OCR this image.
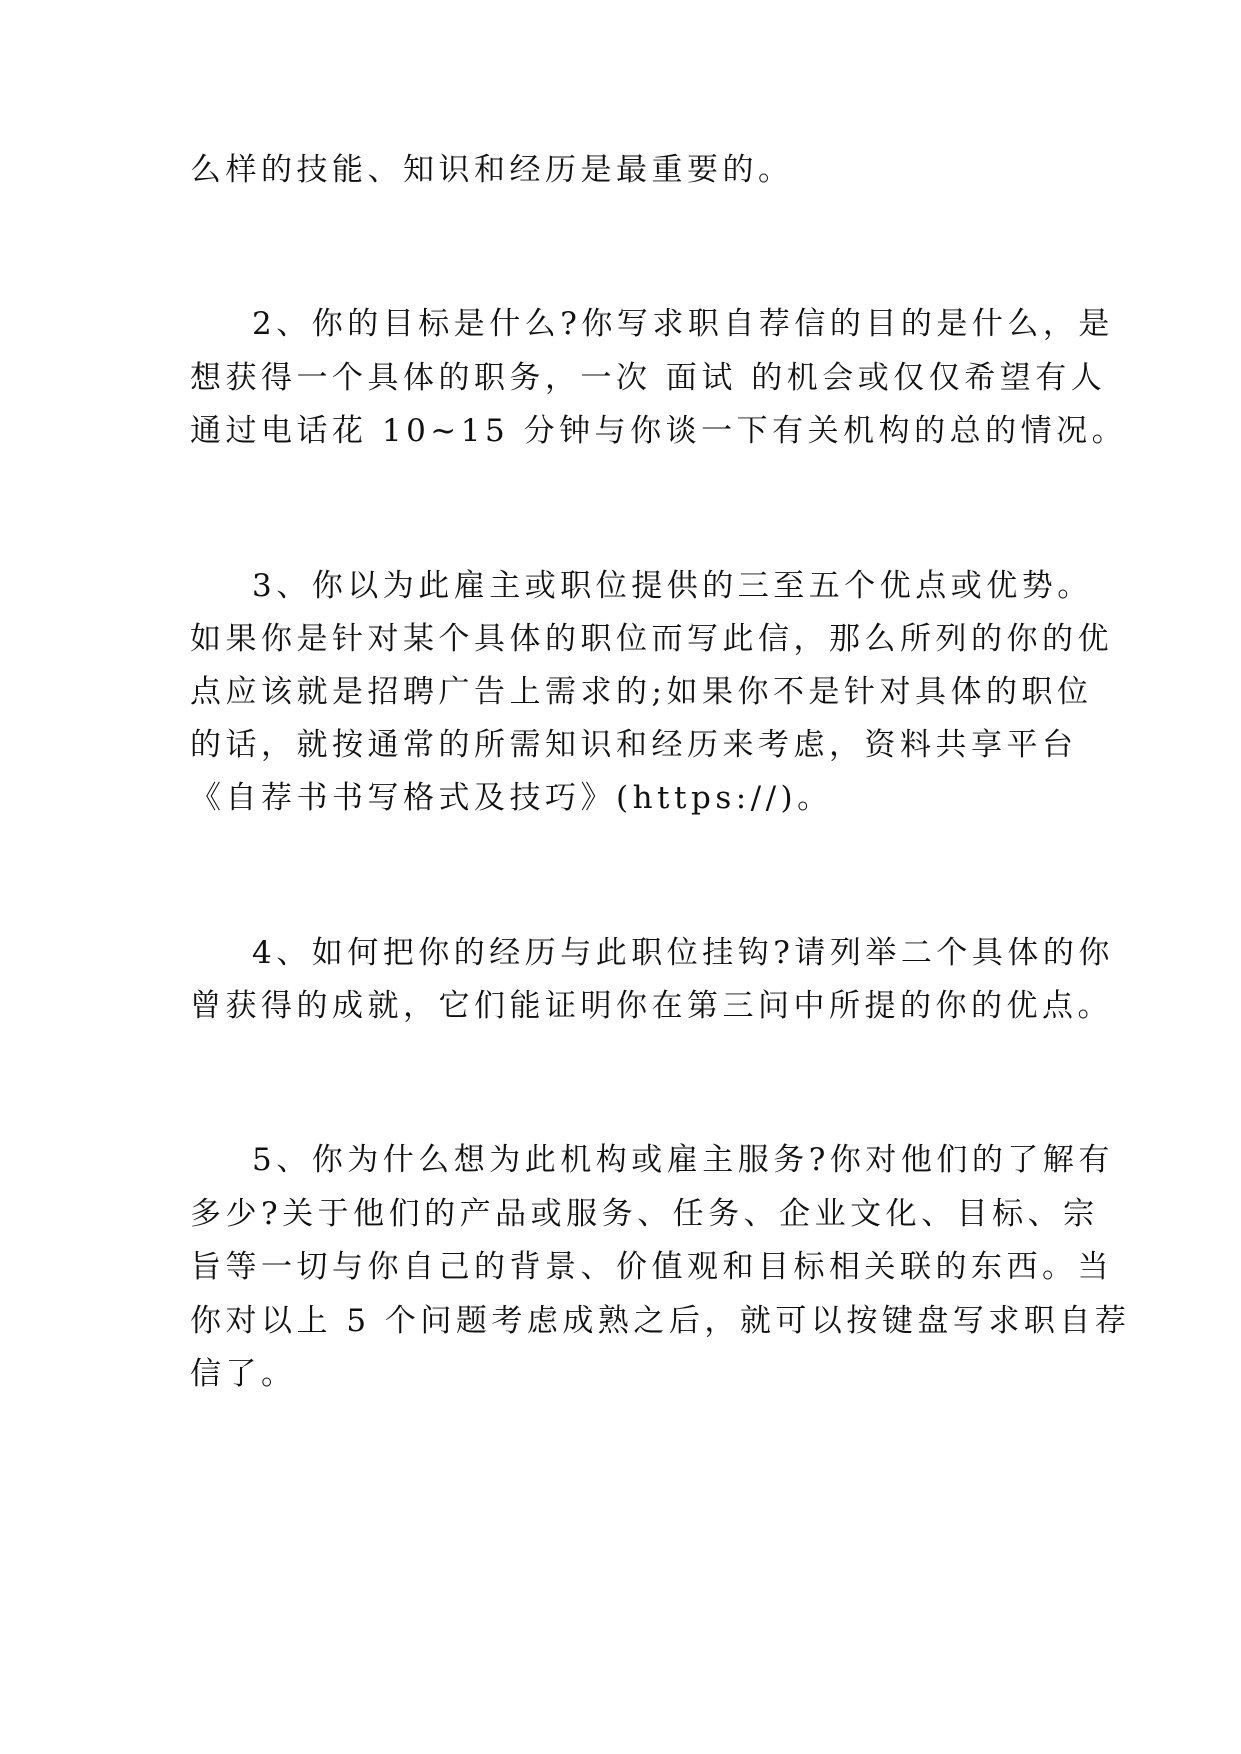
么样的技能、知识和经历是最重要的。
2、你的目标是什么?你写求职自荐信的目的是什么，是
想获得一个具体的职务，一次 面试 的机会或仅仅希望有人
通过电话花 10~15 分钟与你谈一下有关机构的总的情况。
3、你以为此雇主或职位提供的三至五个优点或优势。
如果你是针对某个具体的职位而写此信，那么所列的你的优
点应该就是招聘广告上需求的;如果你不是针对具体的职位
的话，就按通常的所需知识和经历来考虑，资料共享平台
《自荐书书写格式及技巧》(https://)。
4、如何把你的经历与此职位挂钩?请列举二个具体的你
曾获得的成就，它们能证明你在第三问中所提的你的优点。
5、你为什么想为此机构或雇主服务?你对他们的了解有
多少?关于他们的产品或服务、任务、企业文化、目标、宗
旨等一切与你自己的背景、价值观和目标相关联的东西。当
你对以上 5 个问题考虑成熟之后，就可以按键盘写求职自荐
信了。
